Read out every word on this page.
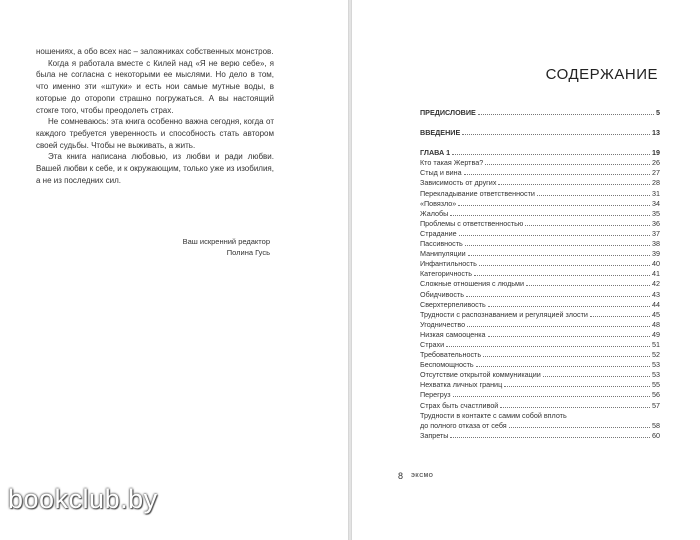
ношениях, а обо всех нас – заложниках собственных монстров.

Когда я работала вместе с Килей над «Я не верю себе», я была не согласна с некоторыми ее мыслями. Но дело в том, что именно эти «штуки» и есть нои самые мутные воды, в которые до оторопи страшно погружаться. А вы настоящий стокге того, чтобы преодолеть страх.

Не сомневаюсь: эта книга особенно важна сегодня, когда от каждого требуется уверенность и способность стать автором своей судьбы. Чтобы не выживать, а жить.

Эта книга написана любовью, из любви и ради любви. Вашей любви к себе, и к окружающим, только уже из изобилия, а не из последних сил.

Ваш искренний редактор
Полина Гусь
СОДЕРЖАНИЕ
ПРЕДИСЛОВИЕ	5
ВВЕДЕНИЕ	13
ГЛАВА 1	19
Кто такая Жертва?	26
Стыд и вина	27
Зависимость от других	28
Перекладывание ответственности	31
«Повязло»	34
Жалобы	35
Проблемы с ответственностью	36
Страдание	37
Пассивность	38
Манипуляции	39
Инфантильность	40
Категоричность	41
Сложные отношения с людьми	42
Обидчивость	43
Сверхтерпеливость	44
Трудности с распознаванием и регуляцией злости	45
Угодничество	48
Низкая самооценка	49
Страхи	51
Требовательность	52
Беспомощность	53
Отсутствие открытой коммуникации	53
Нехватка личных границ	55
Перегруз	56
Страх быть счастливой	57
Трудности в контакте с самим собой вплоть
до полного отказа от себя	58
Запреты	60
8 ЭКСМО
bookclub.by
